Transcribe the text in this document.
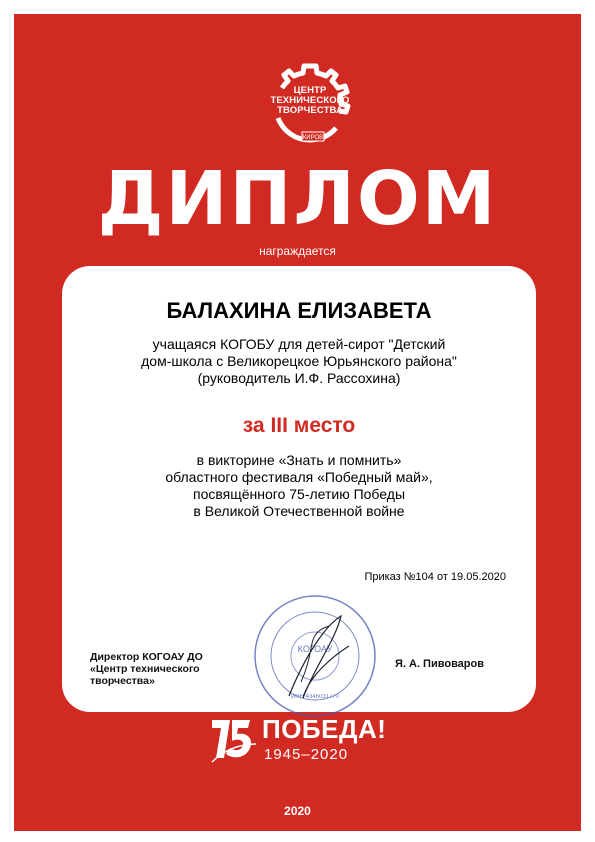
КИРОВ
ЦЕНТР
ТЕХНИЧЕСКОГО
ТВОРЧЕСТВА
ДИПЛОМ
награждается
БАЛАХИНА ЕЛИЗАВЕТА
учащаяся КОГОБУ для детей-сирот "Детский
дом-школа с Великорецкое Юрьянского района"
(руководитель И.Ф. Рассохина)
за III место
в викторине «Знать и помнить»
областного фестиваля «Победный май»,
посвящённого 75-летию Победы
в Великой Отечественной войне
Приказ №104 от 19.05.2020
КОГОАУ
ИНН 4346031770
Директор КОГОАУ ДО
«Центр технического
творчества»
Я. А. Пивоваров
ПОБЕДА!
1945–2020
2020
